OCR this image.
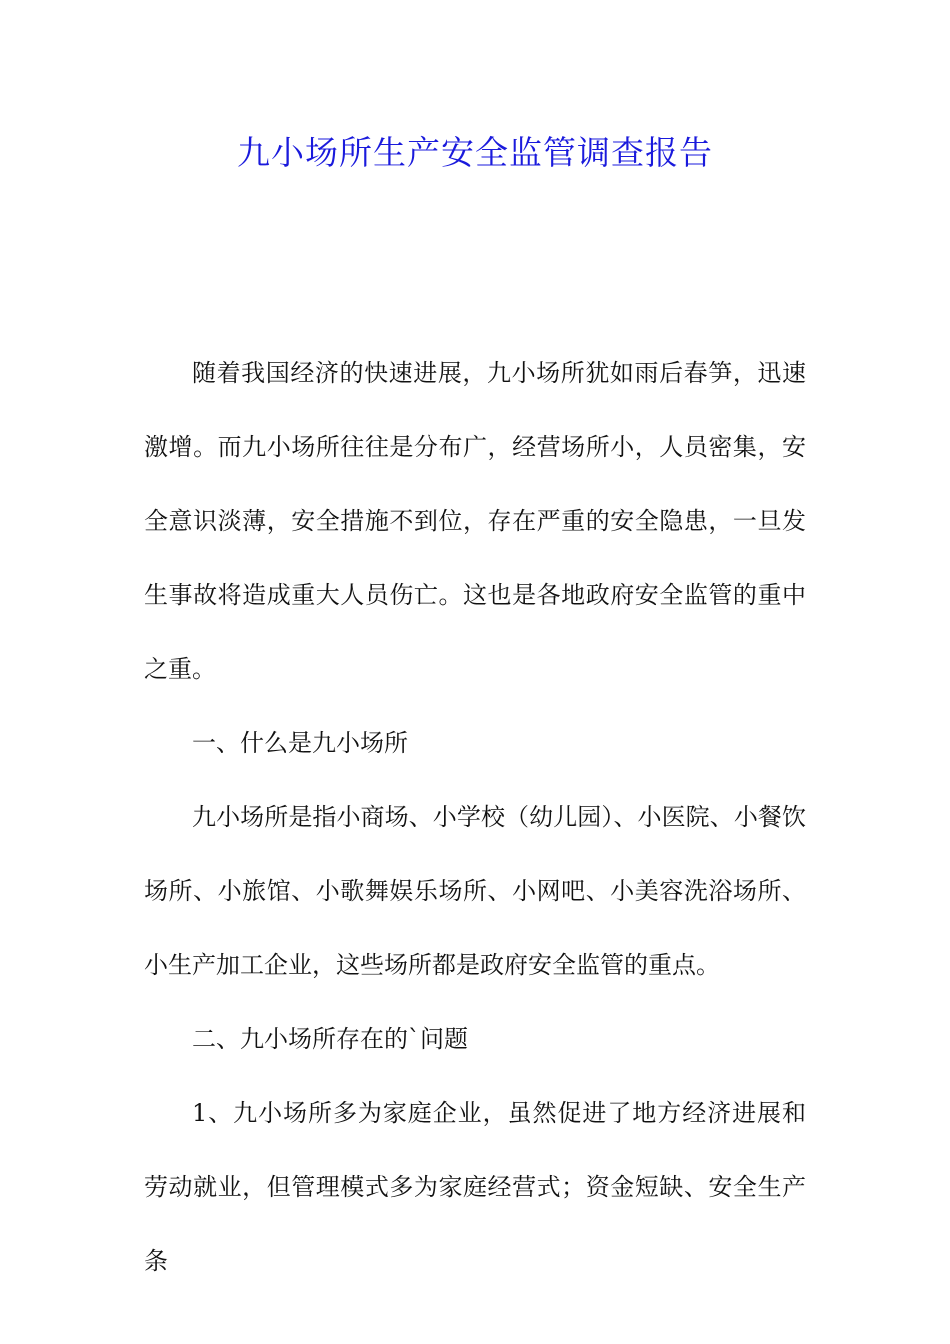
九小场所生产安全监管调查报告

随着我国经济的快速进展，九小场所犹如雨后春笋，迅速激增。而九小场所往往是分布广，经营场所小，人员密集，安全意识淡薄，安全措施不到位，存在严重的安全隐患，一旦发生事故将造成重大人员伤亡。这也是各地政府安全监管的重中之重。

一、什么是九小场所

九小场所是指小商场、小学校（幼儿园）、小医院、小餐饮场所、小旅馆、小歌舞娱乐场所、小网吧、小美容洗浴场所、小生产加工企业，这些场所都是政府安全监管的重点。

二、九小场所存在的`问题

1、九小场所多为家庭企业，虽然促进了地方经济进展和劳动就业，但管理模式多为家庭经营式；资金短缺、安全生产条
